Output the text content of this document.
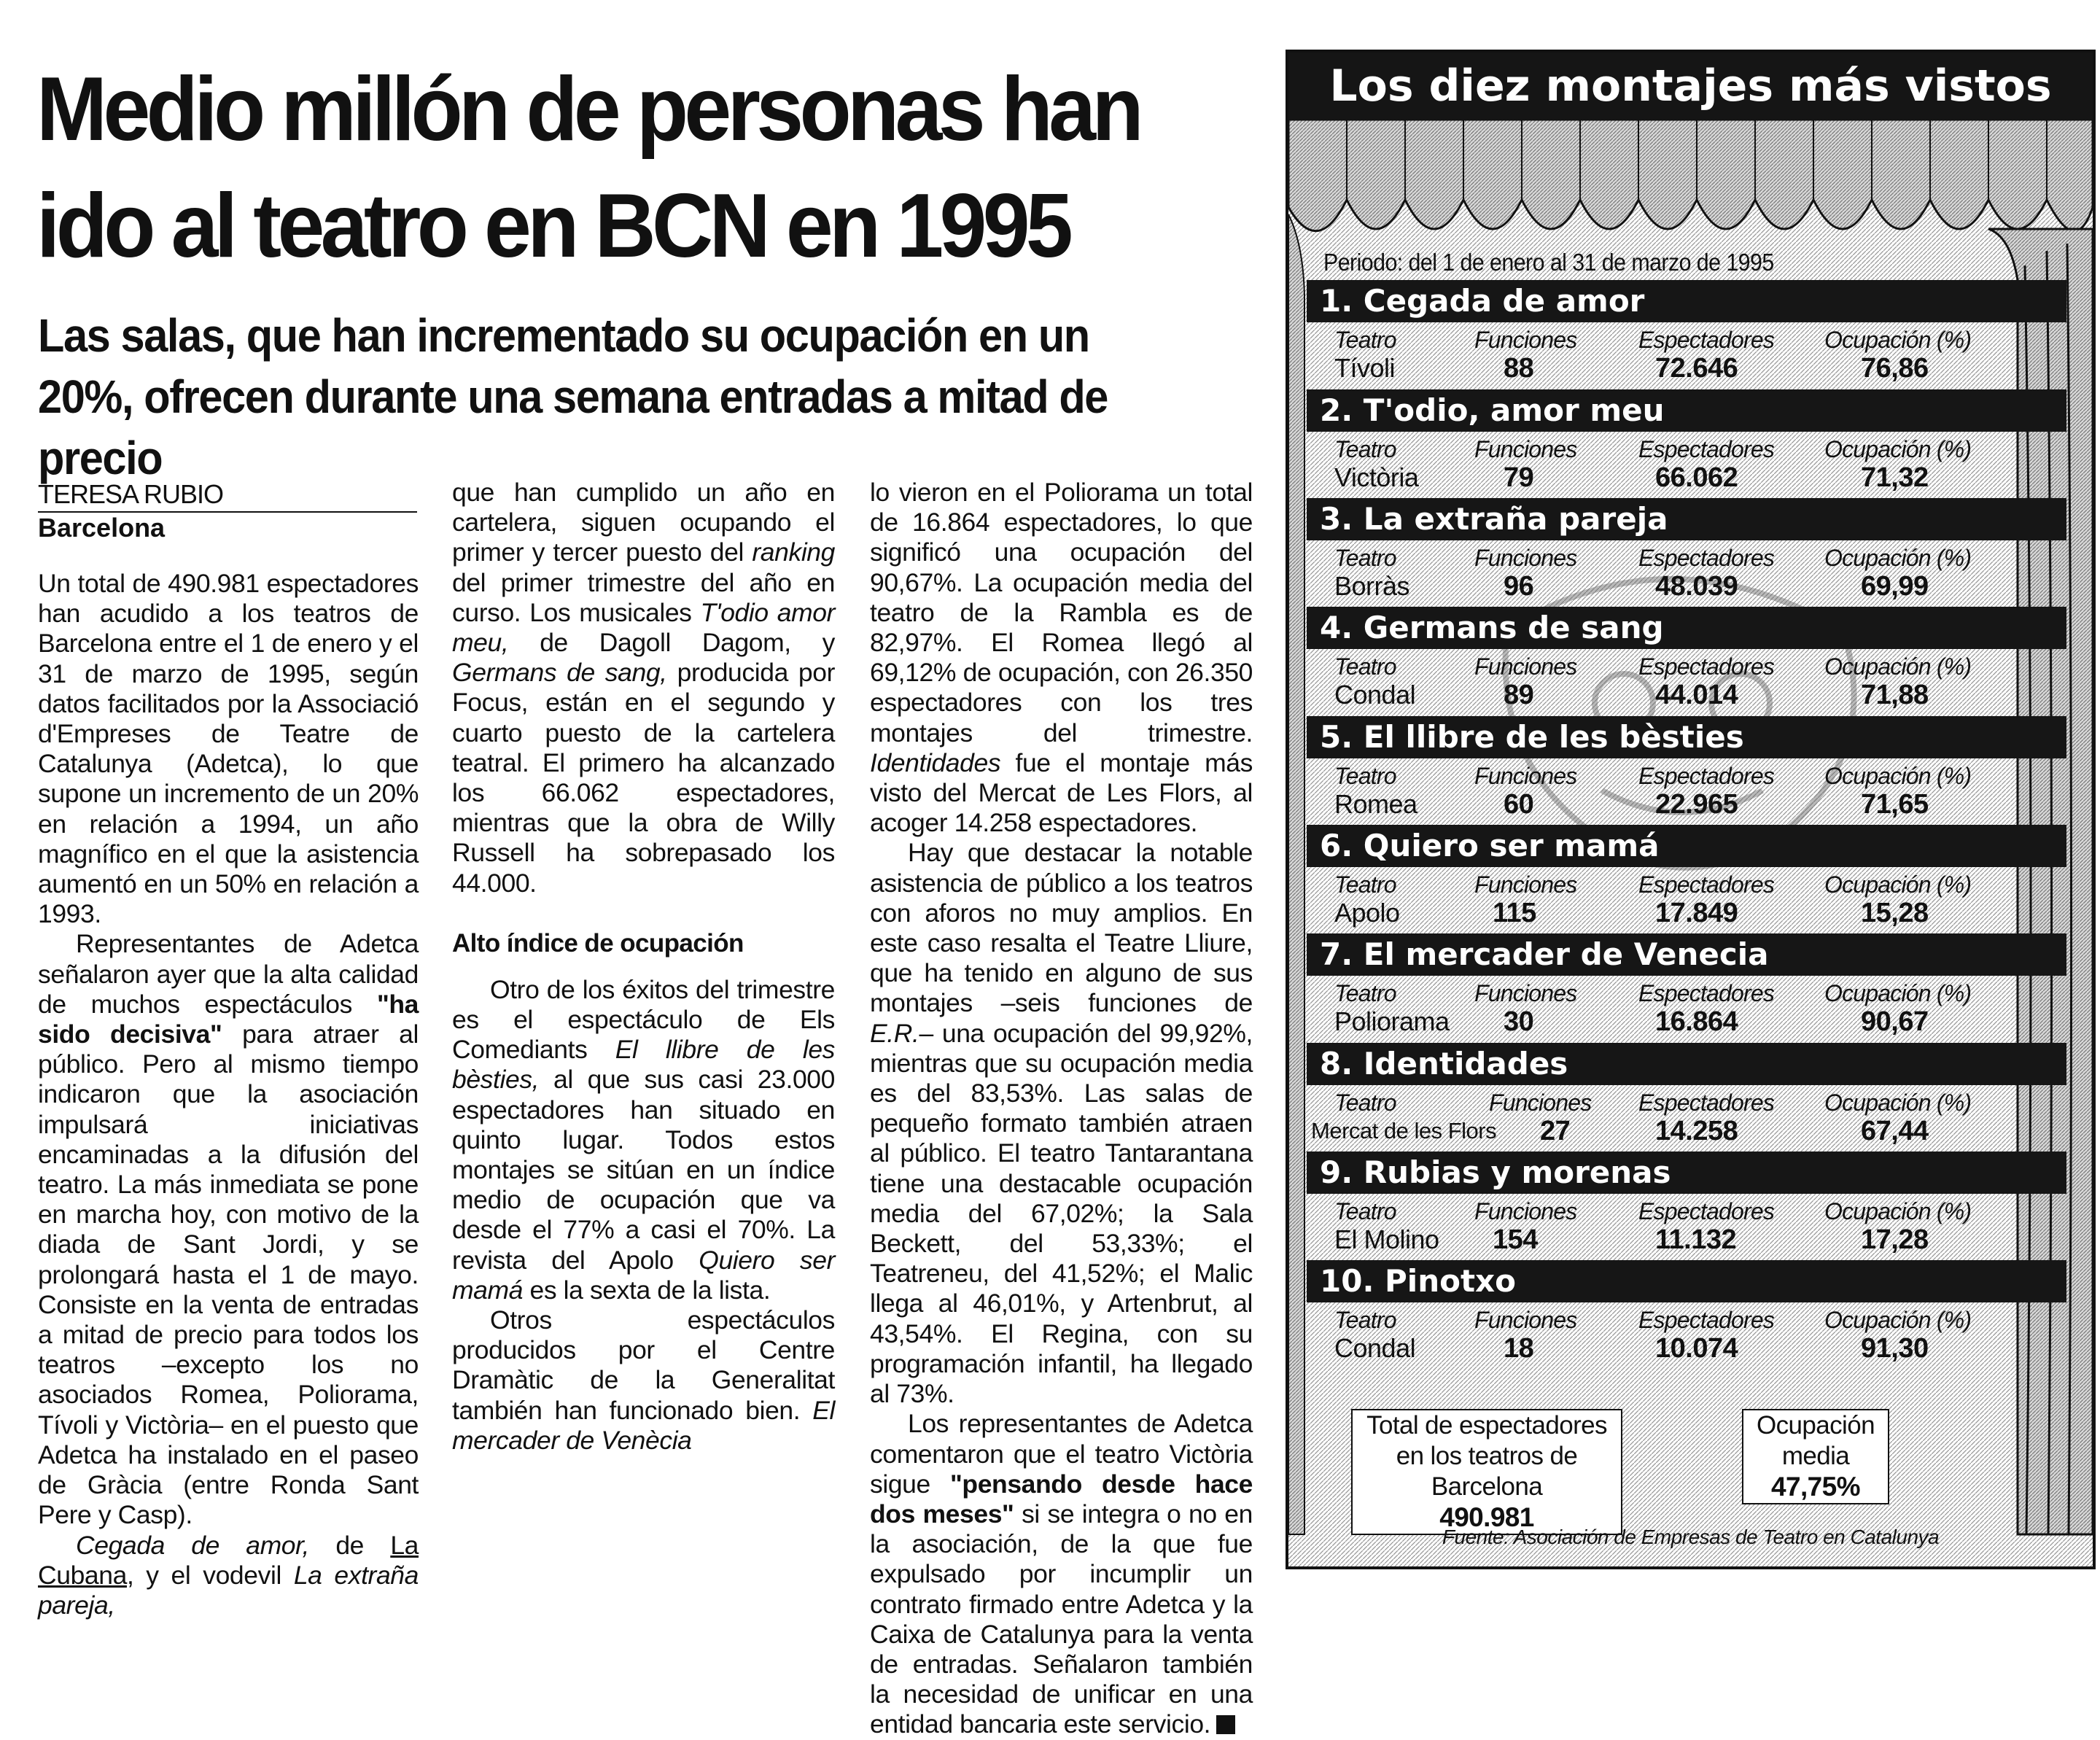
Medio millón de personas han ido al teatro en BCN en 1995
Las salas, que han incrementado su ocupación en un 20%, ofrecen durante una semana entradas a mitad de precio
TERESA RUBIO
Barcelona

Un total de 490.981 espectadores han acudido a los teatros de Barcelona entre el 1 de enero y el 31 de marzo de 1995, según datos facilitados por la Associació d'Empreses de Teatre de Catalunya (Adetca), lo que supone un incremento de un 20% en relación a 1994, un año magnífico en el que la asistencia aumentó en un 50% en relación a 1993.

Representantes de Adetca señalaron ayer que la alta calidad de muchos espectáculos "ha sido decisiva" para atraer al público. Pero al mismo tiempo indicaron que la asociación impulsará iniciativas encaminadas a la difusión del teatro. La más inmediata se pone en marcha hoy, con motivo de la diada de Sant Jordi, y se prolongará hasta el 1 de mayo. Consiste en la venta de entradas a mitad de precio para todos los teatros –excepto los no asociados Romea, Poliorama, Tívoli y Victòria– en el puesto que Adetca ha instalado en el paseo de Gràcia (entre Ronda Sant Pere y Casp).

Cegada de amor, de La Cubana, y el vodevil La extraña pareja,

que han cumplido un año en cartelera, siguen ocupando el primer y tercer puesto del ranking del primer trimestre del año en curso. Los musicales T'odio amor meu, de Dagoll Dagom, y Germans de sang, producida por Focus, están en el segundo y cuarto puesto de la cartelera teatral. El primero ha alcanzado los 66.062 espectadores, mientras que la obra de Willy Russell ha sobrepasado los 44.000.

Alto índice de ocupación

Otro de los éxitos del trimestre es el espectáculo de Els Comediants El llibre de les bèsties, al que sus casi 23.000 espectadores han situado en quinto lugar. Todos estos montajes se sitúan en un índice medio de ocupación que va desde el 77% a casi el 70%. La revista del Apolo Quiero ser mamá es la sexta de la lista.

Otros espectáculos producidos por el Centre Dramàtic de la Generalitat también han funcionado bien. El mercader de Venècia

lo vieron en el Poliorama un total de 16.864 espectadores, lo que significó una ocupación del 90,67%. La ocupación media del teatro de la Rambla es de 82,97%. El Romea llegó al 69,12% de ocupación, con 26.350 espectadores con los tres montajes del trimestre. Identidades fue el montaje más visto del Mercat de Les Flors, al acoger 14.258 espectadores.

Hay que destacar la notable asistencia de público a los teatros con aforos no muy amplios. En este caso resalta el Teatre Lliure, que ha tenido en alguno de sus montajes –seis funciones de E.R.– una ocupación del 99,92%, mientras que su ocupación media es del 83,53%. Las salas de pequeño formato también atraen al público. El teatro Tantarantana tiene una destacable ocupación media del 67,02%; la Sala Beckett, del 53,33%; el Teatreneu, del 41,52%; el Malic llega al 46,01%, y Artenbrut, al 43,54%. El Regina, con su programación infantil, ha llegado al 73%.

Los representantes de Adetca comentaron que el teatro Victòria sigue "pensando desde hace dos meses" si se integra o no en la asociación, de la que fue expulsado por incumplir un contrato firmado entre Adetca y la Caixa de Catalunya para la venta de entradas. Señalaron también la necesidad de unificar en una entidad bancaria este servicio.

Los diez montajes más vistos
Periodo: del 1 de enero al 31 de marzo de 1995
1. Cegada de amor
Teatro
Tívoli
Funciones
88
Espectadores
72.646
Ocupación (%)
76,86
2. T'odio, amor meu
Teatro
Victòria
Funciones
79
Espectadores
66.062
Ocupación (%)
71,32
3. La extraña pareja
Teatro
Borràs
Funciones
96
Espectadores
48.039
Ocupación (%)
69,99
4. Germans de sang
Teatro
Condal
Funciones
89
Espectadores
44.014
Ocupación (%)
71,88
5. El llibre de les bèsties
Teatro
Romea
Funciones
60
Espectadores
22.965
Ocupación (%)
71,65
6. Quiero ser mamá
Teatro
Apolo
Funciones
115
Espectadores
17.849
Ocupación (%)
15,28
7. El mercader de Venecia
Teatro
Poliorama
Funciones
30
Espectadores
16.864
Ocupación (%)
90,67
8. Identidades
Teatro
Mercat de les Flors
Funciones
27
Espectadores
14.258
Ocupación (%)
67,44
9. Rubias y morenas
Teatro
El Molino
Funciones
154
Espectadores
11.132
Ocupación (%)
17,28
10. Pinotxo
Teatro
Condal
Funciones
18
Espectadores
10.074
Ocupación (%)
91,30
Total de espectadores en los teatros de Barcelona
490.981
Ocupación media
47,75%
Fuente: Asociación de Empresas de Teatro en Catalunya
